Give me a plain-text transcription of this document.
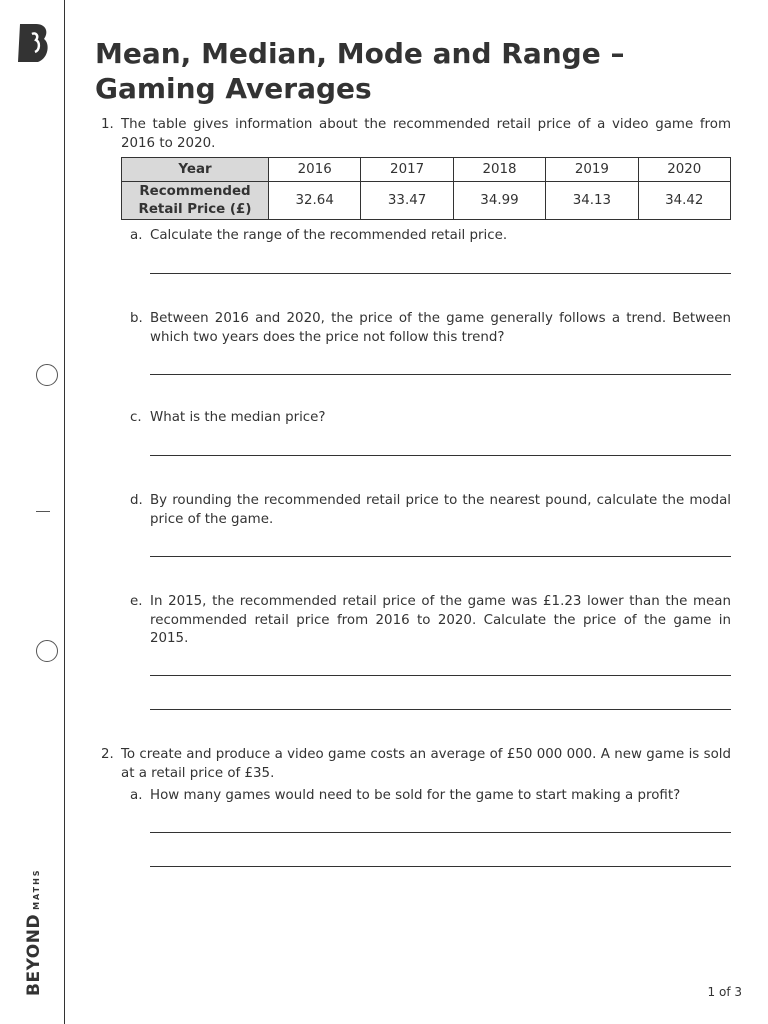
BEYOND
MATHS
Mean, Median, Mode and Range – Gaming Averages
1. The table gives information about the recommended retail price of a video game from 2016 to 2020.
Year	2016	2017	2018	2019	2020
Recommended Retail Price (£)	32.64	33.47	34.99	34.13	34.42
a. Calculate the range of the recommended retail price.
b. Between 2016 and 2020, the price of the game generally follows a trend. Between which two years does the price not follow this trend?
c. What is the median price?
d. By rounding the recommended retail price to the nearest pound, calculate the modal price of the game.
e. In 2015, the recommended retail price of the game was £1.23 lower than the mean recommended retail price from 2016 to 2020. Calculate the price of the game in 2015.
2. To create and produce a video game costs an average of £50 000 000. A new game is sold at a retail price of £35.
a. How many games would need to be sold for the game to start making a profit?
1 of 3
